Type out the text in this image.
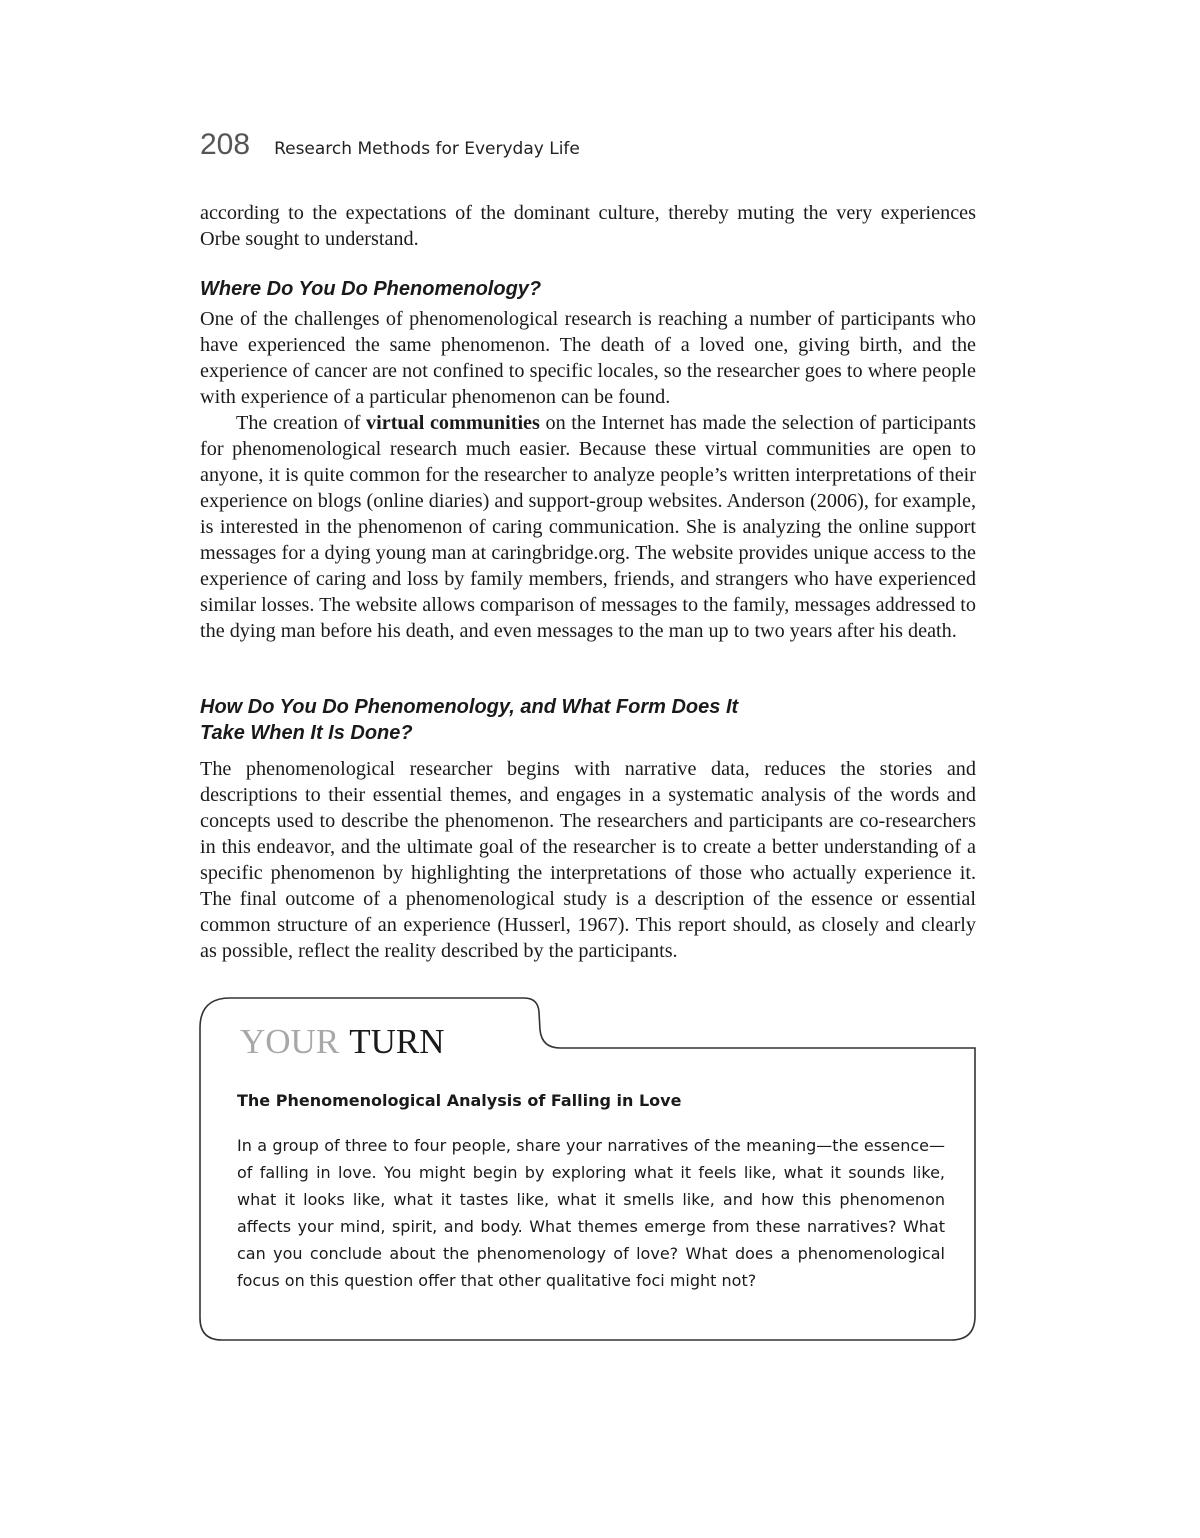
208 Research Methods for Everyday Life

according to the expectations of the dominant culture, thereby muting the very experiences Orbe sought to understand.

Where Do You Do Phenomenology?

One of the challenges of phenomenological research is reaching a number of participants who have experienced the same phenomenon. The death of a loved one, giving birth, and the experience of cancer are not confined to specific locales, so the researcher goes to where people with experience of a particular phenomenon can be found.

The creation of virtual communities on the Internet has made the selection of participants for phenomenological research much easier. Because these virtual communities are open to anyone, it is quite common for the researcher to analyze people’s written interpretations of their experience on blogs (online diaries) and support-group websites. Anderson (2006), for example, is interested in the phenomenon of caring communication. She is analyzing the online support messages for a dying young man at caringbridge.org. The website provides unique access to the experience of caring and loss by family members, friends, and strangers who have experienced similar losses. The website allows comparison of messages to the family, messages addressed to the dying man before his death, and even messages to the man up to two years after his death.

How Do You Do Phenomenology, and What Form Does It
Take When It Is Done?

The phenomenological researcher begins with narrative data, reduces the stories and descriptions to their essential themes, and engages in a systematic analysis of the words and concepts used to describe the phenomenon. The researchers and participants are co-researchers in this endeavor, and the ultimate goal of the researcher is to create a better understanding of a specific phenomenon by highlighting the interpretations of those who actually experience it. The final outcome of a phenomenological study is a description of the essence or essential common structure of an experience (Husserl, 1967). This report should, as closely and clearly as possible, reflect the reality described by the participants.

YOUR TURN
The Phenomenological Analysis of Falling in Love

In a group of three to four people, share your narratives of the meaning—the essence—of falling in love. You might begin by exploring what it feels like, what it sounds like, what it looks like, what it tastes like, what it smells like, and how this phenomenon affects your mind, spirit, and body. What themes emerge from these narratives? What can you conclude about the phenomenology of love? What does a phenomenological focus on this question offer that other qualitative foci might not?
